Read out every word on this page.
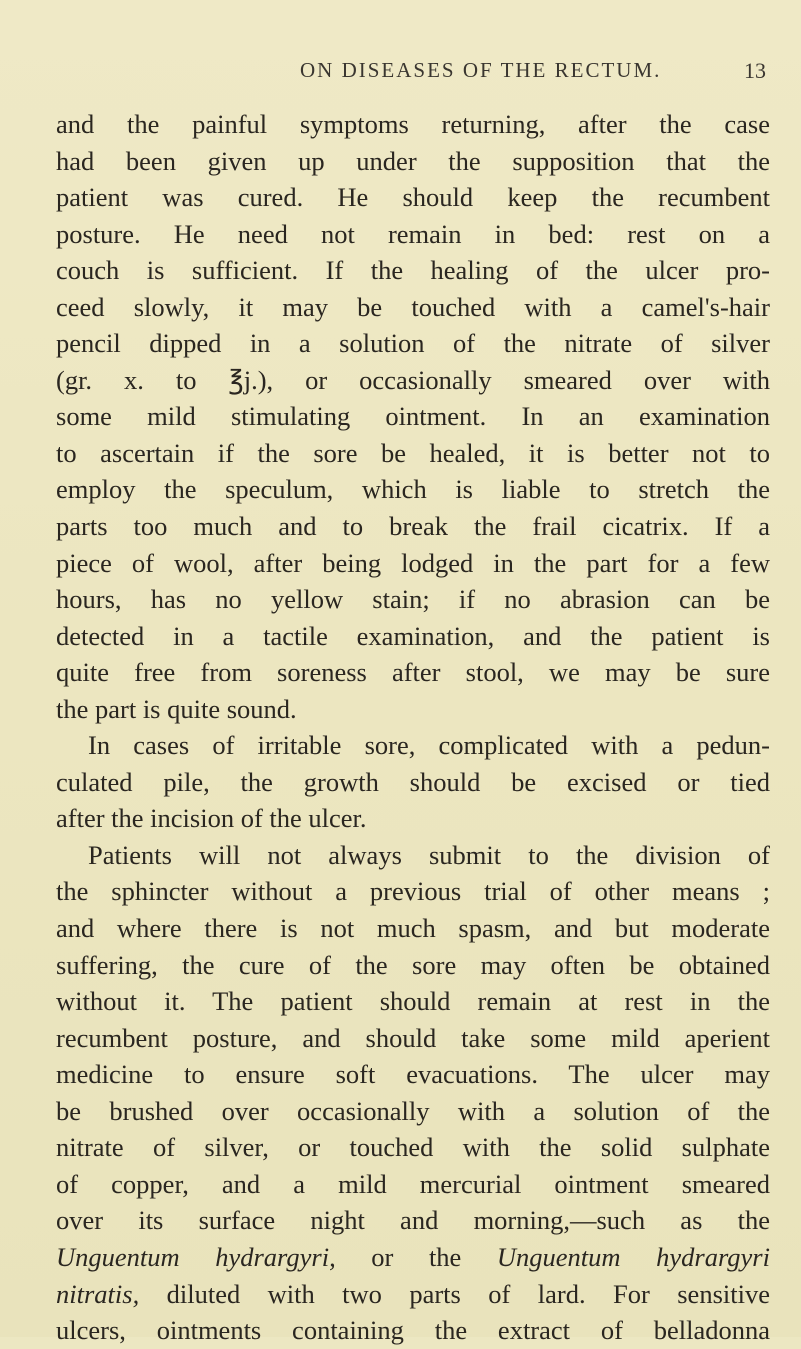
ON DISEASES OF THE RECTUM.	13
and the painful symptoms returning, after the case
had been given up under the supposition that the
patient was cured. He should keep the recumbent
posture. He need not remain in bed: rest on a
couch is sufficient. If the healing of the ulcer pro-
ceed slowly, it may be touched with a camel's-hair
pencil dipped in a solution of the nitrate of silver
(gr. x. to ℥j.), or occasionally smeared over with
some mild stimulating ointment. In an examination
to ascertain if the sore be healed, it is better not to
employ the speculum, which is liable to stretch the
parts too much and to break the frail cicatrix. If a
piece of wool, after being lodged in the part for a few
hours, has no yellow stain; if no abrasion can be
detected in a tactile examination, and the patient is
quite free from soreness after stool, we may be sure
the part is quite sound.
In cases of irritable sore, complicated with a pedun-
culated pile, the growth should be excised or tied
after the incision of the ulcer.
Patients will not always submit to the division of
the sphincter without a previous trial of other means ;
and where there is not much spasm, and but moderate
suffering, the cure of the sore may often be obtained
without it. The patient should remain at rest in the
recumbent posture, and should take some mild aperient
medicine to ensure soft evacuations. The ulcer may
be brushed over occasionally with a solution of the
nitrate of silver, or touched with the solid sulphate
of copper, and a mild mercurial ointment smeared
over its surface night and morning,—such as the
Unguentum hydrargyri, or the Unguentum hydrargyri
nitratis, diluted with two parts of lard. For sensitive
ulcers, ointments containing the extract of belladonna
